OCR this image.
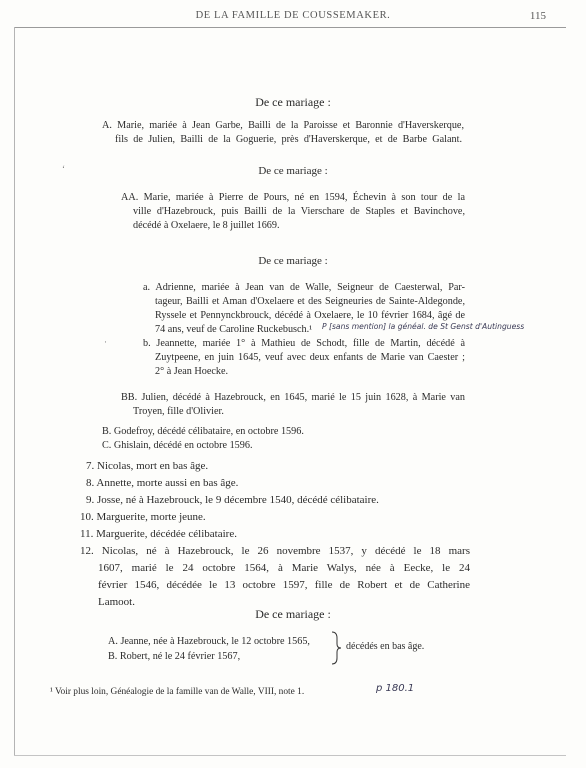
DE LA FAMILLE DE COUSSEMAKER.	115

De ce mariage :

A. Marie, mariée à Jean Garbe, Bailli de la Paroisse et Baronnie d'Haverskerque,

fils de Julien, Bailli de la Goguerie, près d'Haverskerque, et de Barbe Galant.

De ce mariage :

ʻ

AA. Marie, mariée à Pierre de Pours, né en 1594, Échevin à son tour de la

ville d'Hazebrouck, puis Bailli de la Vierschare de Staples et Bavinchove,

décédé à Oxelaere, le 8 juillet 1669.

De ce mariage :

a. Adrienne, mariée à Jean van de Walle, Seigneur de Caesterwal, Par-

tageur, Bailli et Aman d'Oxelaere et des Seigneuries de Sainte-Aldegonde,

Ryssele et Pennynckbrouck, décédé à Oxelaere, le 10 février 1684, âgé de

74 ans, veuf de Caroline Ruckebusch.¹	P [sans mention] la généal. de St Genst d'Autinguess
·	b. Jeannette, mariée 1° à Mathieu de Schodt, fille de Martin, décédé à

Zuytpeene, en juin 1645, veuf avec deux enfants de Marie van Caester ;

2° à Jean Hoecke.

BB. Julien, décédé à Hazebrouck, en 1645, marié le 15 juin 1628, à Marie van

Troyen, fille d'Olivier.

B. Godefroy, décédé célibataire, en octobre 1596.

C. Ghislain, décédé en octobre 1596.

7. Nicolas, mort en bas âge.

8. Annette, morte aussi en bas âge.

9. Josse, né à Hazebrouck, le 9 décembre 1540, décédé célibataire.

10. Marguerite, morte jeune.

11. Marguerite, décédée célibataire.

12. Nicolas, né à Hazebrouck, le 26 novembre 1537, y décédé le 18 mars

1607, marié le 24 octobre 1564, à Marie Walys, née à Eecke, le 24

février 1546, décédée le 13 octobre 1597, fille de Robert et de Catherine

Lamoot.

De ce mariage :

A. Jeanne, née à Hazebrouck, le 12 octobre 1565,

B. Robert, né le 24 février 1567,

décédés en bas âge.

¹ Voir plus loin, Généalogie de la famille van de Walle, VIII, note 1.	p 180.1
